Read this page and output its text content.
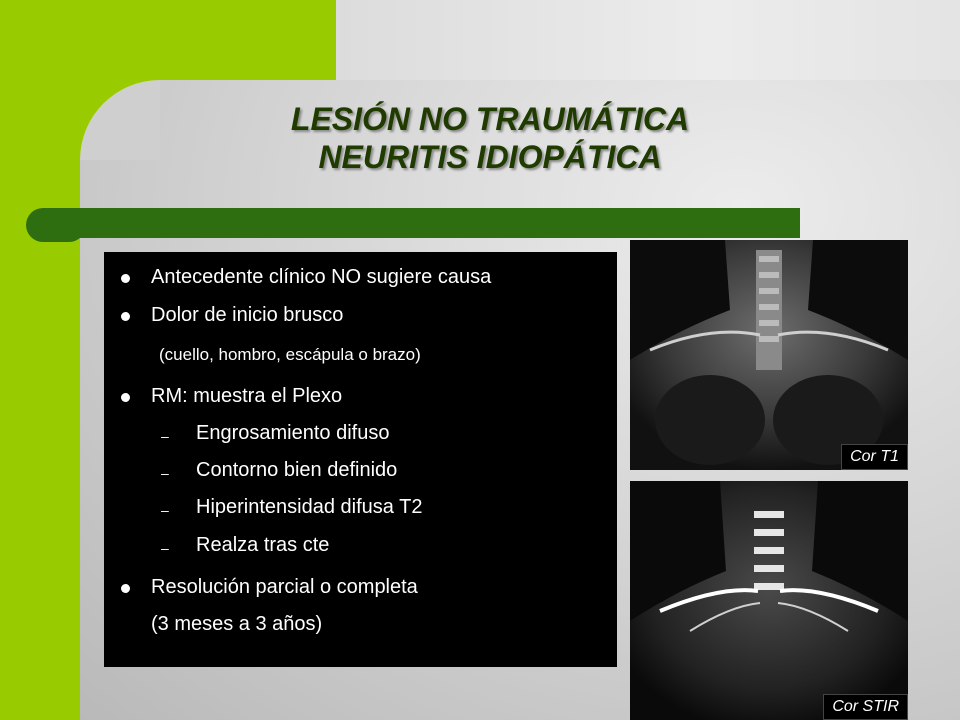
LESIÓN NO TRAUMÁTICA
NEURITIS IDIOPÁTICA
Antecedente clínico NO sugiere causa
Dolor de inicio brusco
(cuello, hombro, escápula o brazo)
RM: muestra el Plexo
– Engrosamiento difuso
– Contorno bien definido
– Hiperintensidad difusa T2
– Realza tras cte
Resolución parcial o completa
(3 meses a 3 años)
Cor T1
Cor STIR
